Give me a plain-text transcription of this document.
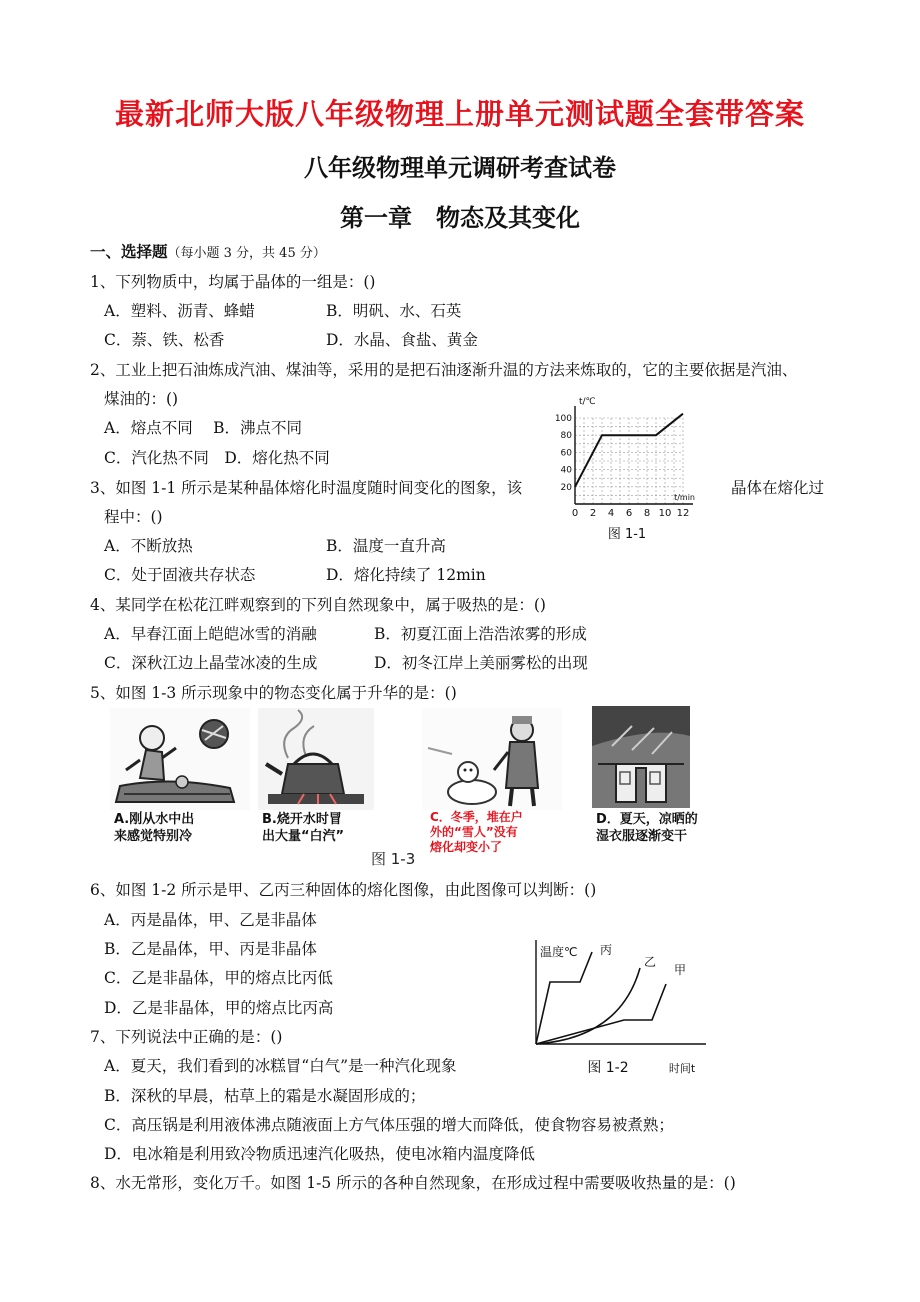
最新北师大版八年级物理上册单元测试题全套带答案
八年级物理单元调研考查试卷
第一章　物态及其变化
一、选择题（每小题 3 分，共 45 分）
1、下列物质中，均属于晶体的一组是：()
A．塑料、沥青、蜂蜡	B．明矾、水、石英
C．萘、铁、松香	D．水晶、食盐、黄金
2、工业上把石油炼成汽油、煤油等，采用的是把石油逐渐升温的方法来炼取的，它的主要依据是汽油、
煤油的：()
A．熔点不同　 B．沸点不同
C．汽化热不同　D．熔化热不同
0 2 4 6 8 10 12
20
40
60
80
100
t/℃
t/min
图 1-1
3、如图 1-1 所示是某种晶体熔化时温度随时间变化的图象，该	晶体在熔化过
程中：()
A．不断放热	B．温度一直升高
C．处于固液共存状态	D．熔化持续了 12min
4、某同学在松花江畔观察到的下列自然现象中，属于吸热的是：()
A．早春江面上皑皑冰雪的消融	B．初夏江面上浩浩浓雾的形成
C．深秋江边上晶莹冰凌的生成	D．初冬江岸上美丽雾松的出现
5、如图 1-3 所示现象中的物态变化属于升华的是：()
A.刚从水中出
来感觉特别冷
B.烧开水时冒
出大量“白汽”
C．冬季，堆在户
外的“雪人”没有
熔化却变小了
D．夏天，凉晒的
湿衣服逐渐变干
图 1-3
6、如图 1-2 所示是甲、乙丙三种固体的熔化图像，由此图像可以判断：()
A．丙是晶体，甲、乙是非晶体
B．乙是晶体，甲、丙是非晶体
C．乙是非晶体，甲的熔点比丙低
D．乙是非晶体，甲的熔点比丙高
温度℃
时间t
图 1-2
丙
乙
甲
7、下列说法中正确的是：()
A．夏天，我们看到的冰糕冒“白气”是一种汽化现象
B．深秋的早晨，枯草上的霜是水凝固形成的；
C．高压锅是利用液体沸点随液面上方气体压强的增大而降低，使食物容易被煮熟；
D．电冰箱是利用致冷物质迅速汽化吸热，使电冰箱内温度降低
8、水无常形，变化万千。如图 1-5 所示的各种自然现象，在形成过程中需要吸收热量的是：()
